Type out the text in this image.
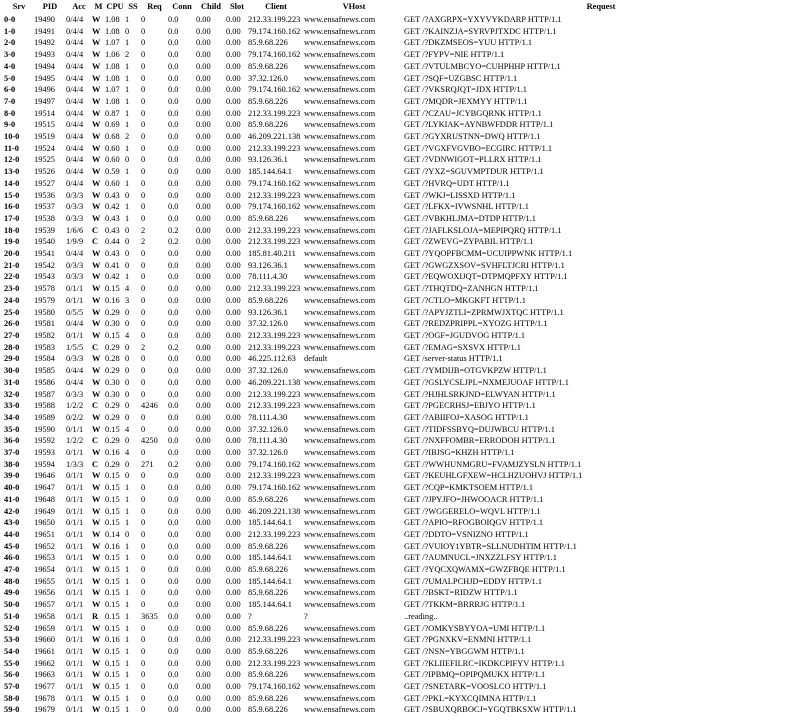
Srv	PID	Acc	M	CPU	SS	Req	Conn	Child	Slot	Client	VHost	Request
0-0	19490	0/4/4	W	1.08	1	0	0.0	0.00	0.00	212.33.199.223	www.ensafnews.com	GET /?AXGRPX=YXYVYKDARP HTTP/1.1
1-0	19491	0/4/4	W	1.08	0	0	0.0	0.00	0.00	79.174.160.162	www.ensafnews.com	GET /?KAINZJA=SYRVPJTXDC HTTP/1.1
2-0	19492	0/4/4	W	1.07	1	0	0.0	0.00	0.00	85.9.68.226	www.ensafnews.com	GET /?DKZMSEOS=YUU HTTP/1.1
3-0	19493	0/4/4	W	1.06	2	0	0.0	0.00	0.00	79.174.160.162	www.ensafnews.com	GET /?FYPV=NIE HTTP/1.1
4-0	19494	0/4/4	W	1.08	1	0	0.0	0.00	0.00	85.9.68.226	www.ensafnews.com	GET /?VTULMBCYO=CUHPHHP HTTP/1.1
5-0	19495	0/4/4	W	1.08	1	0	0.0	0.00	0.00	37.32.126.0	www.ensafnews.com	GET /?SQF=UZGBSC HTTP/1.1
6-0	19496	0/4/4	W	1.07	1	0	0.0	0.00	0.00	79.174.160.162	www.ensafnews.com	GET /?VKSRQJQT=JDX HTTP/1.1
7-0	19497	0/4/4	W	1.08	1	0	0.0	0.00	0.00	85.9.68.226	www.ensafnews.com	GET /?MQDR=JEXMYY HTTP/1.1
8-0	19514	0/4/4	W	0.87	1	0	0.0	0.00	0.00	212.33.199.223	www.ensafnews.com	GET /?CZAU=JCYBGQRNK HTTP/1.1
9-0	19515	0/4/4	W	0.69	1	0	0.0	0.00	0.00	85.9.68.226	www.ensafnews.com	GET /?LYKIAK=AYNBWFDDR HTTP/1.1
10-0	19519	0/4/4	W	0.68	2	0	0.0	0.00	0.00	46.209.221.138	www.ensafnews.com	GET /?GYXRUSTNN=DWQ HTTP/1.1
11-0	19524	0/4/4	W	0.60	1	0	0.0	0.00	0.00	212.33.199.223	www.ensafnews.com	GET /?VGXFVGVBO=ECGIRC HTTP/1.1
12-0	19525	0/4/4	W	0.60	0	0	0.0	0.00	0.00	93.126.36.1	www.ensafnews.com	GET /?VDNWIGOT=PLLRX HTTP/1.1
13-0	19526	0/4/4	W	0.59	1	0	0.0	0.00	0.00	185.144.64.1	www.ensafnews.com	GET /?YXZ=SGUVMPTDUR HTTP/1.1
14-0	19527	0/4/4	W	0.60	1	0	0.0	0.00	0.00	79.174.160.162	www.ensafnews.com	GET /?HVRQ=UDT HTTP/1.1
15-0	19536	0/3/3	W	0.43	0	0	0.0	0.00	0.00	212.33.199.223	www.ensafnews.com	GET /?WKJ=LISSXD HTTP/1.1
16-0	19537	0/3/3	W	0.42	1	0	0.0	0.00	0.00	79.174.160.162	www.ensafnews.com	GET /?LFKX=IVWSNHL HTTP/1.1
17-0	19538	0/3/3	W	0.43	1	0	0.0	0.00	0.00	85.9.68.226	www.ensafnews.com	GET /?VBKHLJMA=DTDP HTTP/1.1
18-0	19539	1/6/6	C	0.43	0	2	0.2	0.00	0.00	212.33.199.223	www.ensafnews.com	GET /?JAFLKSLOJA=MEPIPQRQ HTTP/1.1
19-0	19540	1/9/9	C	0.44	0	2	0.2	0.00	0.00	212.33.199.223	www.ensafnews.com	GET /?ZWEVG=ZYPABIL HTTP/1.1
20-0	19541	0/4/4	W	0.43	0	0	0.0	0.00	0.00	185.81.40.211	www.ensafnews.com	GET /?YQOPFBCMM=UCUIPPWNK HTTP/1.1
21-0	19542	0/3/3	W	0.41	0	0	0.0	0.00	0.00	93.126.36.1	www.ensafnews.com	GET /?GWGZXSOV=SVHFLTJCRI HTTP/1.1
22-0	19543	0/3/3	W	0.42	1	0	0.0	0.00	0.00	78.111.4.30	www.ensafnews.com	GET /?EQWOXIJQT=DTPMQPFXY HTTP/1.1
23-0	19578	0/1/1	W	0.15	4	0	0.0	0.00	0.00	212.33.199.223	www.ensafnews.com	GET /?THQTDQ=ZANHGN HTTP/1.1
24-0	19579	0/1/1	W	0.16	3	0	0.0	0.00	0.00	85.9.68.226	www.ensafnews.com	GET /?CTLO=MKGKFT HTTP/1.1
25-0	19580	0/5/5	W	0.29	0	0	0.0	0.00	0.00	93.126.36.1	www.ensafnews.com	GET /?APYJZTLI=ZPRMWJXTQC HTTP/1.1
26-0	19581	0/4/4	W	0.30	0	0	0.0	0.00	0.00	37.32.126.0	www.ensafnews.com	GET /?REDZPRIPPL=XYOZG HTTP/1.1
27-0	19582	0/1/1	W	0.15	4	0	0.0	0.00	0.00	212.33.199.223	www.ensafnews.com	GET /?OGF=JGUDVOG HTTP/1.1
28-0	19583	1/5/5	C	0.29	0	2	0.2	0.00	0.00	212.33.199.223	www.ensafnews.com	GET /?EMAG=SXSVX HTTP/1.1
29-0	19584	0/3/3	W	0.28	0	0	0.0	0.00	0.00	46.225.112.63	default	GET /server-status HTTP/1.1
30-0	19585	0/4/4	W	0.29	0	0	0.0	0.00	0.00	37.32.126.0	www.ensafnews.com	GET /?YMDIJB=OTGVKPZW HTTP/1.1
31-0	19586	0/4/4	W	0.30	0	0	0.0	0.00	0.00	46.209.221.138	www.ensafnews.com	GET /?GSLYCSLJPL=NXMEJUOAF HTTP/1.1
32-0	19587	0/3/3	W	0.30	0	0	0.0	0.00	0.00	212.33.199.223	www.ensafnews.com	GET /?HJHLSRKJND=ELWYAN HTTP/1.1
33-0	19588	1/2/2	C	0.29	0	4246	0.0	0.00	0.00	212.33.199.223	www.ensafnews.com	GET /?PGECRHSJ=EBJYO HTTP/1.1
34-0	19589	0/2/2	W	0.29	0	0	0.0	0.00	0.00	78.111.4.30	www.ensafnews.com	GET /?ABIIFOJ=XASOG HTTP/1.1
35-0	19590	0/1/1	W	0.15	4	0	0.0	0.00	0.00	37.32.126.0	www.ensafnews.com	GET /?TIDFSSBYQ=DUJWBCU HTTP/1.1
36-0	19592	1/2/2	C	0.29	0	4250	0.0	0.00	0.00	78.111.4.30	www.ensafnews.com	GET /?NXFFOMBR=ERRODOH HTTP/1.1
37-0	19593	0/1/1	W	0.16	4	0	0.0	0.00	0.00	37.32.126.0	www.ensafnews.com	GET /?IBJSG=KHZH HTTP/1.1
38-0	19594	1/3/3	C	0.29	0	271	0.2	0.00	0.00	79.174.160.162	www.ensafnews.com	GET /?WWHUNMGRU=FVAMJZYSLN HTTP/1.1
39-0	19646	0/1/1	W	0.15	0	0	0.0	0.00	0.00	212.33.199.223	www.ensafnews.com	GET /?KEUHLGFXEW=HCLHZUOHVJ HTTP/1.1
40-0	19647	0/1/1	W	0.15	1	0	0.0	0.00	0.00	79.174.160.162	www.ensafnews.com	GET /?CQP=KMKTSOEM HTTP/1.1
41-0	19648	0/1/1	W	0.15	1	0	0.0	0.00	0.00	85.9.68.226	www.ensafnews.com	GET /?JPYJFO=JHWOOACR HTTP/1.1
42-0	19649	0/1/1	W	0.15	1	0	0.0	0.00	0.00	46.209.221.138	www.ensafnews.com	GET /?WGGERELO=WQVL HTTP/1.1
43-0	19650	0/1/1	W	0.15	1	0	0.0	0.00	0.00	185.144.64.1	www.ensafnews.com	GET /?APIO=RFOGBOIQGV HTTP/1.1
44-0	19651	0/1/1	W	0.14	0	0	0.0	0.00	0.00	212.33.199.223	www.ensafnews.com	GET /?DDTO=VSNIZNO HTTP/1.1
45-0	19652	0/1/1	W	0.16	1	0	0.0	0.00	0.00	85.9.68.226	www.ensafnews.com	GET /?VUIOY1YBTR=SLLNUDHTIM HTTP/1.1
46-0	19653	0/1/1	W	0.15	1	0	0.0	0.00	0.00	185.144.64.1	www.ensafnews.com	GET /?AUMNUCL=JNXZZLFSY HTTP/1.1
47-0	19654	0/1/1	W	0.15	1	0	0.0	0.00	0.00	85.9.68.226	www.ensafnews.com	GET /?YQCXQWAMX=GWZFBQE HTTP/1.1
48-0	19655	0/1/1	W	0.15	1	0	0.0	0.00	0.00	185.144.64.1	www.ensafnews.com	GET /?UMALPCHJD=EDDY HTTP/1.1
49-0	19656	0/1/1	W	0.15	1	0	0.0	0.00	0.00	85.9.68.226	www.ensafnews.com	GET /?BSKT=RIDZW HTTP/1.1
50-0	19657	0/1/1	W	0.15	1	0	0.0	0.00	0.00	185.144.64.1	www.ensafnews.com	GET /?TKKM=BRRRJG HTTP/1.1
51-0	19658	0/1/1	R	0.15	1	3635	0.0	0.00	0.00	?	?	..reading..
52-0	19659	0/1/1	W	0.15	1	0	0.0	0.00	0.00	85.9.68.226	www.ensafnews.com	GET /?OMKYSBYYOA=UMI HTTP/1.1
53-0	19660	0/1/1	W	0.16	1	0	0.0	0.00	0.00	212.33.199.223	www.ensafnews.com	GET /?PGNXKV=ENMNI HTTP/1.1
54-0	19661	0/1/1	W	0.15	1	0	0.0	0.00	0.00	85.9.68.226	www.ensafnews.com	GET /?NSN=YBGGWM HTTP/1.1
55-0	19662	0/1/1	W	0.15	1	0	0.0	0.00	0.00	212.33.199.223	www.ensafnews.com	GET /?KLIIEFILRC=IKDKCPIFYV HTTP/1.1
56-0	19663	0/1/1	W	0.15	1	0	0.0	0.00	0.00	85.9.68.226	www.ensafnews.com	GET /?IPBMQ=OPIPQMUKX HTTP/1.1
57-0	19677	0/1/1	W	0.15	1	0	0.0	0.00	0.00	79.174.160.162	www.ensafnews.com	GET /?SNETARK=VOOSLCO HTTP/1.1
58-0	19678	0/1/1	W	0.15	1	0	0.0	0.00	0.00	85.9.68.226	www.ensafnews.com	GET /?PKL=KYXCQIMNA HTTP/1.1
59-0	19679	0/1/1	W	0.15	1	0	0.0	0.00	0.00	85.9.68.226	www.ensafnews.com	GET /?SBUXQRBOCJ=YGQTBKSXW HTTP/1.1
